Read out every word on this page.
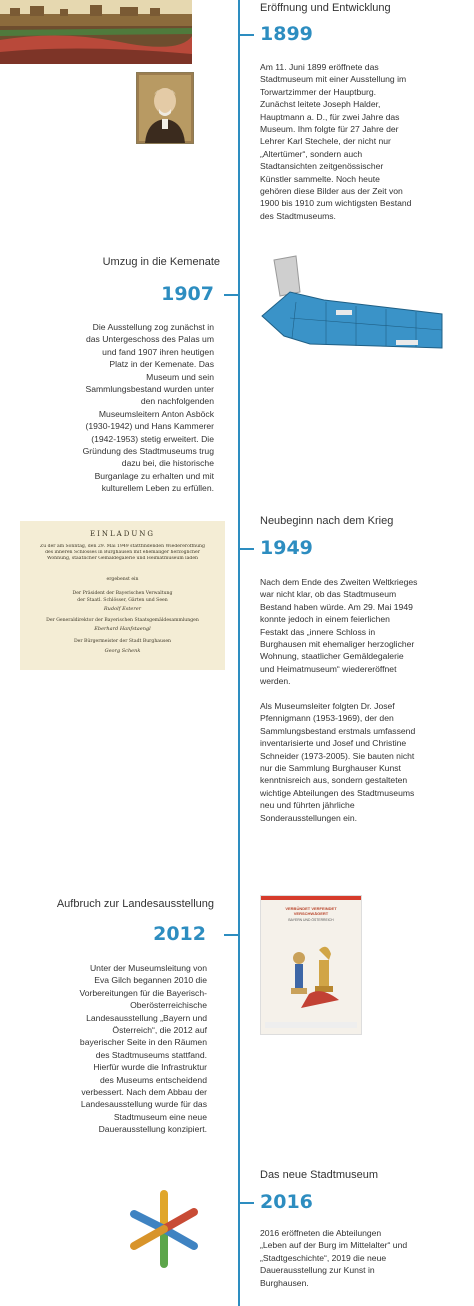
Eröffnung und Entwicklung
1899
Am 11. Juni 1899 eröffnete das Stadtmuseum mit einer Ausstellung im Torwartzimmer der Hauptburg. Zunächst leitete Joseph Halder, Hauptmann a. D., für zwei Jahre das Museum. Ihm folgte für 27 Jahre der Lehrer Karl Stechele, der nicht nur „Altertümer“, sondern auch Stadtansichten zeitgenössischer Künstler sammelte. Noch heute gehören diese Bilder aus der Zeit von 1900 bis 1910 zum wichtigsten Bestand des Stadtmuseums.
Umzug in die Kemenate
1907
Die Ausstellung zog zunächst in das Untergeschoss des Palas um und fand 1907 ihren heutigen Platz in der Kemenate. Das Museum und sein Sammlungsbestand wurden unter den nachfolgenden Museumsleitern Anton Asböck (1930-1942) und Hans Kammerer (1942-1953) stetig erweitert. Die Gründung des Stadtmuseums trug dazu bei, die historische Burganlage zu erhalten und mit kulturellem Leben zu erfüllen.
Neubeginn nach dem Krieg
1949
Nach dem Ende des Zweiten Weltkrieges war nicht klar, ob das Stadtmuseum Bestand haben würde. Am 29. Mai 1949 konnte jedoch in einem feierlichen Festakt das „innere Schloss in Burghausen mit ehemaliger herzoglicher Wohnung, staatlicher Gemäldegalerie und Heimatmuseum“ wiedereröffnet werden.
Als Museumsleiter folgten Dr. Josef Pfennigmann (1953-1969), der den Sammlungsbestand erstmals umfassend inventarisierte und Josef und Christine Schneider (1973-2005). Sie bauten nicht nur die Sammlung Burghauser Kunst kenntnisreich aus, sondern gestalteten wichtige Abteilungen des Stadtmuseums neu und führten jährliche Sonderausstellungen ein.
EINLADUNG
Zu der am Sonntag, den 29. Mai 1949 stattfindenden Wiedereröffnung
des inneren Schlosses in Burghausen mit ehemaliger herzoglicher
Wohnung, staatlicher Gemäldegalerie und Heimatmuseum laden
ergebenst ein
Der Präsident der Bayerischen Verwaltung
der Staatl. Schlösser, Gärten und Seen
Rudolf Esterer
Der Generaldirektor der Bayerischen Staatsgemäldesammlungen
Eberhard Hanfstaengl
Der Bürgermeister der Stadt Burghausen
Georg Schenk
Aufbruch zur Landesausstellung
2012
Unter der Museumsleitung von Eva Gilch begannen 2010 die Vorbereitungen für die Bayerisch-Oberösterreichische Landesausstellung „Bayern und Österreich“, die 2012 auf bayerischer Seite in den Räumen des Stadtmuseums stattfand. Hierfür wurde die Infrastruktur des Museums entscheidend verbessert. Nach dem Abbau der Landesausstellung wurde für das Stadtmuseum eine neue Dauerausstellung konzipiert.
VERBÜNDET VERFEINDET VERSCHWÄGERT
BAYERN UND ÖSTERREICH
Das neue Stadtmuseum
2016
2016 eröffneten die Abteilungen „Leben auf der Burg im Mittelalter“ und „Stadtgeschichte“, 2019 die neue Dauerausstellung zur Kunst in Burghausen.
